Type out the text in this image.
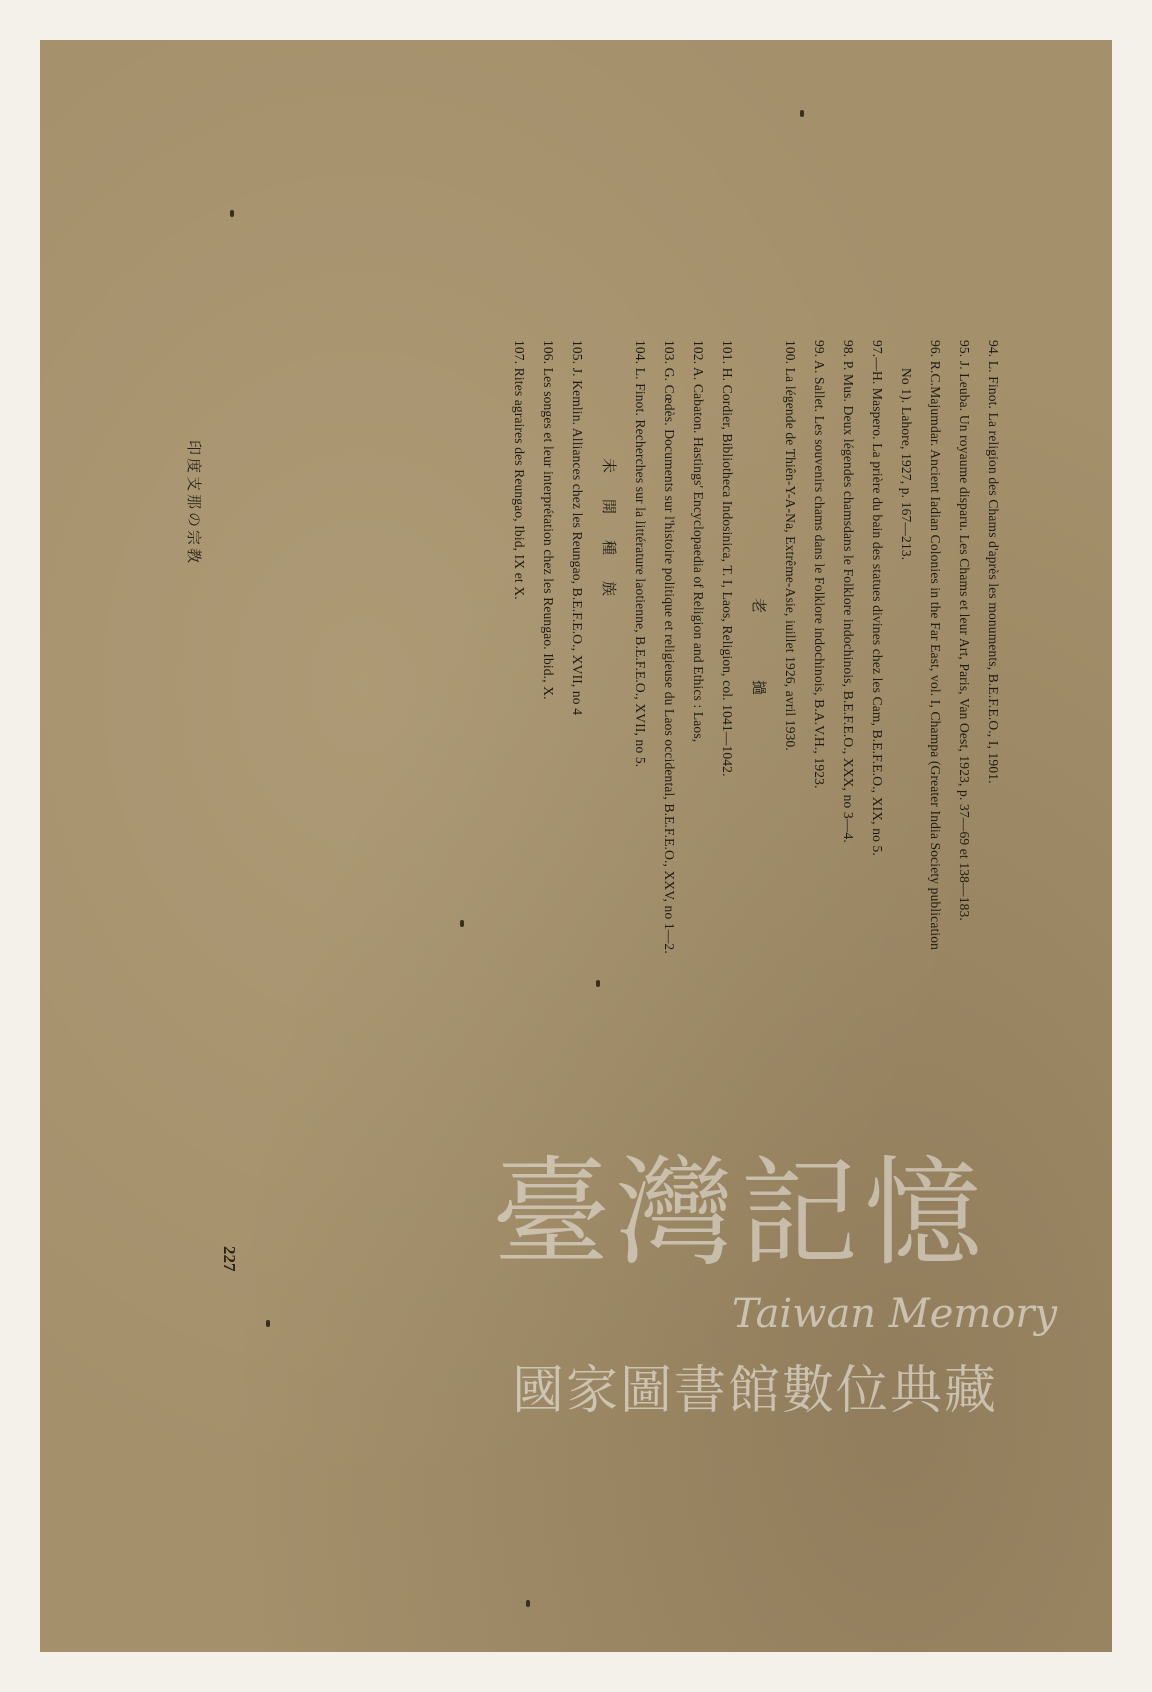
94. L. Finot. La religion des Chams d'après les monuments, B.E.F.E.O., I, 1901.
95. J. Leuba. Un royaume disparu. Les Chams et leur Art, Paris, Van Oest, 1923, p. 37—69 et 138—183.
96. R.C.Majumdar. Ancient Iadian Colonies in the Far East, vol. I, Champa (Greater India Society publication
No 1). Lahore, 1927, p. 167—213.
97.—H. Maspero. La prière du bain des statues divines chez les Cam, B.E.F.E.O., XIX, no 5.
98. P. Mus. Deux légendes chamsdans le Folklore indochinois, B.E.F.E.O., XXX, no 3—4.
99. A. Sallet. Les souvenirs chams dans le Folklore indochinois, B.A.V.H., 1923.
100. La légende de Thiên-Y-A-Na, Extrême-Asie, iuillet 1926, avril 1930.
老　撾
101. H. Cordier, Bibliotheca Indosinica, T. I, Laos, Religion, col. 1041—1042.
102. A. Cabaton. Hastings' Encyclopaedia of Religion and Ethics : Laos,
103. G. Cœdès. Documents sur l'histoire politique et religieuse du Laos occidental, B.E.F.E.O., XXV, no 1—2.
104. L. Finot. Recherches sur la littérature laotienne, B.E.F.E.O., XVII, no 5.
未開種族
105. J. Kemlin. Alliances chez les Reungao, B.E.F.E.O., XVII, no 4
106. Les songes et leur interprétation chez les Reungao. Ibid., X.
107. Rites agraires des Reungao, Ibid, IX et X.
印度支那の宗教
227 臺灣記憶
Taiwan Memory
國家圖書館數位典藏
